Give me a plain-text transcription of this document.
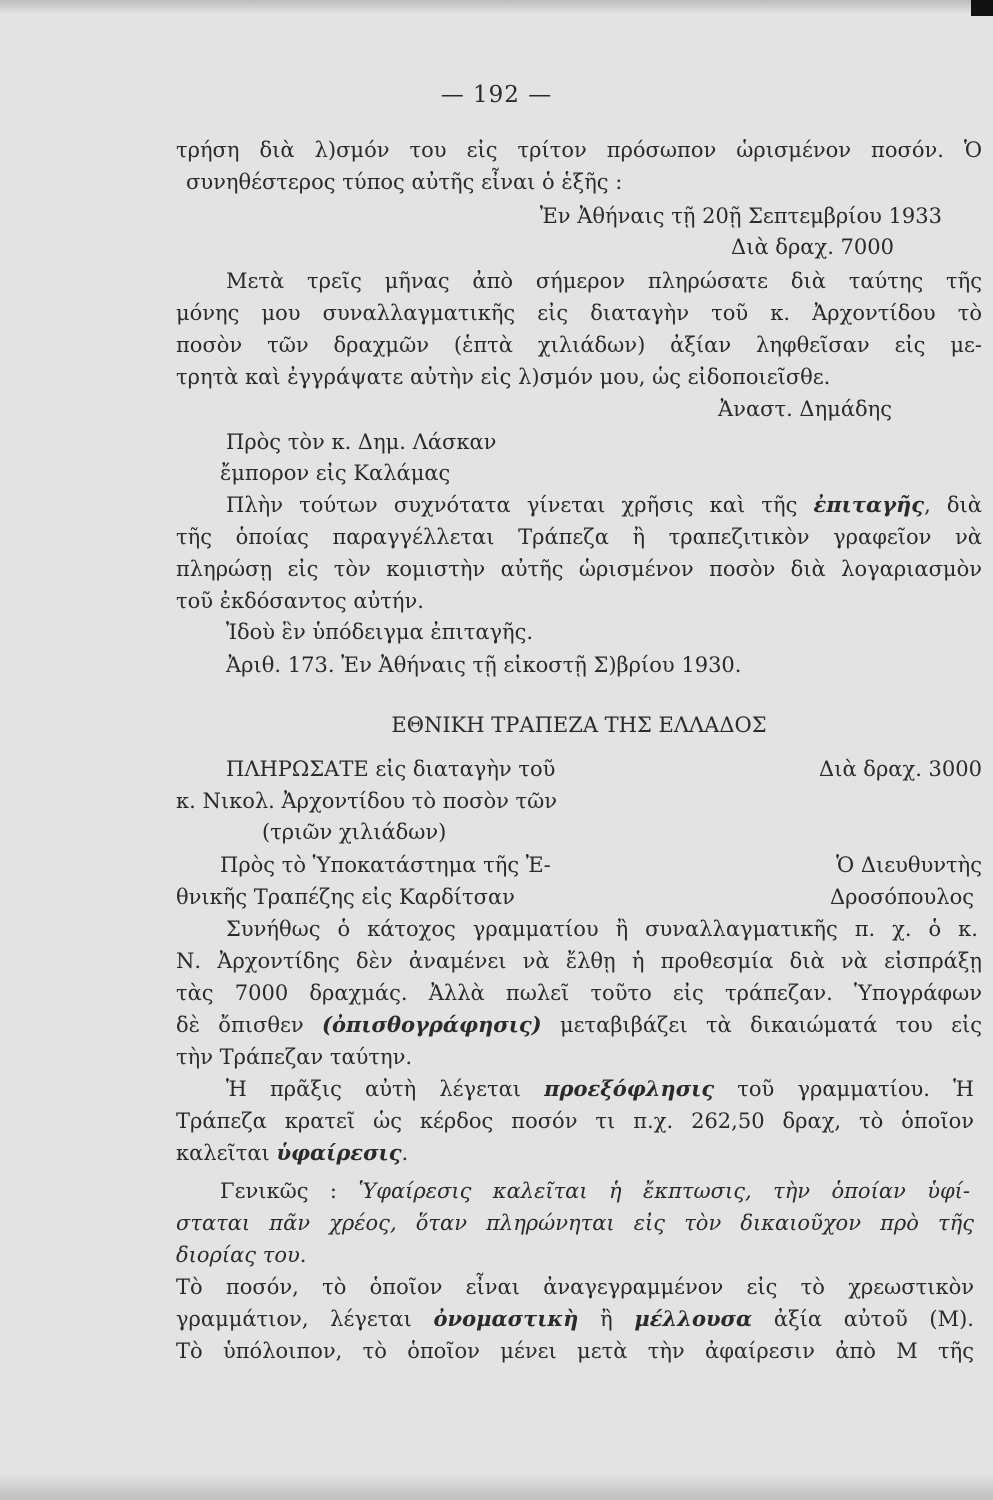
— 192 —
τρήση διὰ λ)σμόν του εἰς τρίτον πρόσωπον ὡρισμένον ποσόν. Ὁ
συνηθέστερος τύπος αὐτῆς εἶναι ὁ ἑξῆς :
Ἐν Ἀθήναις τῇ 20ῇ Σεπτεμβρίου 1933
Διὰ δραχ. 7000
Μετὰ τρεῖς μῆνας ἀπὸ σήμερον πληρώσατε διὰ ταύτης τῆς
μόνης μου συναλλαγματικῆς εἰς διαταγὴν τοῦ κ. Ἀρχοντίδου τὸ
ποσὸν τῶν δραχμῶν (ἑπτὰ χιλιάδων) ἀξίαν ληφθεῖσαν εἰς με-
τρητὰ καὶ ἐγγράψατε αὐτὴν εἰς λ)σμόν μου, ὡς εἰδοποιεῖσθε.
Ἀναστ. Δημάδης
Πρὸς τὸν κ. Δημ. Λάσκαν
ἔμπορον εἰς Καλάμας
Πλὴν τούτων συχνότατα γίνεται χρῆσις καὶ τῆς ἐπιταγῆς, διὰ
τῆς ὁποίας παραγγέλλεται Τράπεζα ἢ τραπεζιτικὸν γραφεῖον νὰ
πληρώσῃ εἰς τὸν κομιστὴν αὐτῆς ὡρισμένον ποσὸν διὰ λογαριασμὸν
τοῦ ἐκδόσαντος αὐτήν.
Ἰδοὺ ἓν ὑπόδειγμα ἐπιταγῆς.
Ἀριθ. 173. Ἐν Ἀθήναις τῇ εἰκοστῇ Σ)βρίου 1930.
ΕΘΝΙΚΗ ΤΡΑΠΕΖΑ ΤΗΣ ΕΛΛΑΔΟΣ
ΠΛΗΡΩΣΑΤΕ εἰς διαταγὴν τοῦ	Διὰ δραχ. 3000
κ. Νικολ. Ἀρχοντίδου τὸ ποσὸν τῶν
(τριῶν χιλιάδων)
Πρὸς τὸ Ὑποκατάστημα τῆς Ἐ-	Ὁ Διευθυντὴς
θνικῆς Τραπέζης εἰς Καρδίτσαν	Δροσόπουλος
Συνήθως ὁ κάτοχος γραμματίου ἢ συναλλαγματικῆς π. χ. ὁ κ.
Ν. Ἀρχοντίδης δὲν ἀναμένει νὰ ἔλθῃ ἡ προθεσμία διὰ νὰ εἰσπράξῃ
τὰς 7000 δραχμάς. Ἀλλὰ πωλεῖ τοῦτο εἰς τράπεζαν. Ὑπογράφων
δὲ ὄπισθεν (ὀπισθογράφησις) μεταβιβάζει τὰ δικαιώματά του εἰς
τὴν Τράπεζαν ταύτην.
Ἡ πρᾶξις αὐτὴ λέγεται προεξόφλησις τοῦ γραμματίου. Ἡ
Τράπεζα κρατεῖ ὡς κέρδος ποσόν τι π.χ. 262,50 δραχ, τὸ ὁποῖον
καλεῖται ὑφαίρεσις.
Γενικῶς : Ὑφαίρεσις καλεῖται ἡ ἔκπτωσις, τὴν ὁποίαν ὑφί-
σταται πᾶν χρέος, ὅταν πληρώνηται εἰς τὸν δικαιοῦχον πρὸ τῆς
διορίας του.
Τὸ ποσόν, τὸ ὁποῖον εἶναι ἀναγεγραμμένον εἰς τὸ χρεωστικὸν
γραμμάτιον, λέγεται ὀνομαστικὴ ἢ μέλλουσα ἀξία αὐτοῦ (Μ).
Τὸ ὑπόλοιπον, τὸ ὁποῖον μένει μετὰ τὴν ἀφαίρεσιν ἀπὸ Μ τῆς
